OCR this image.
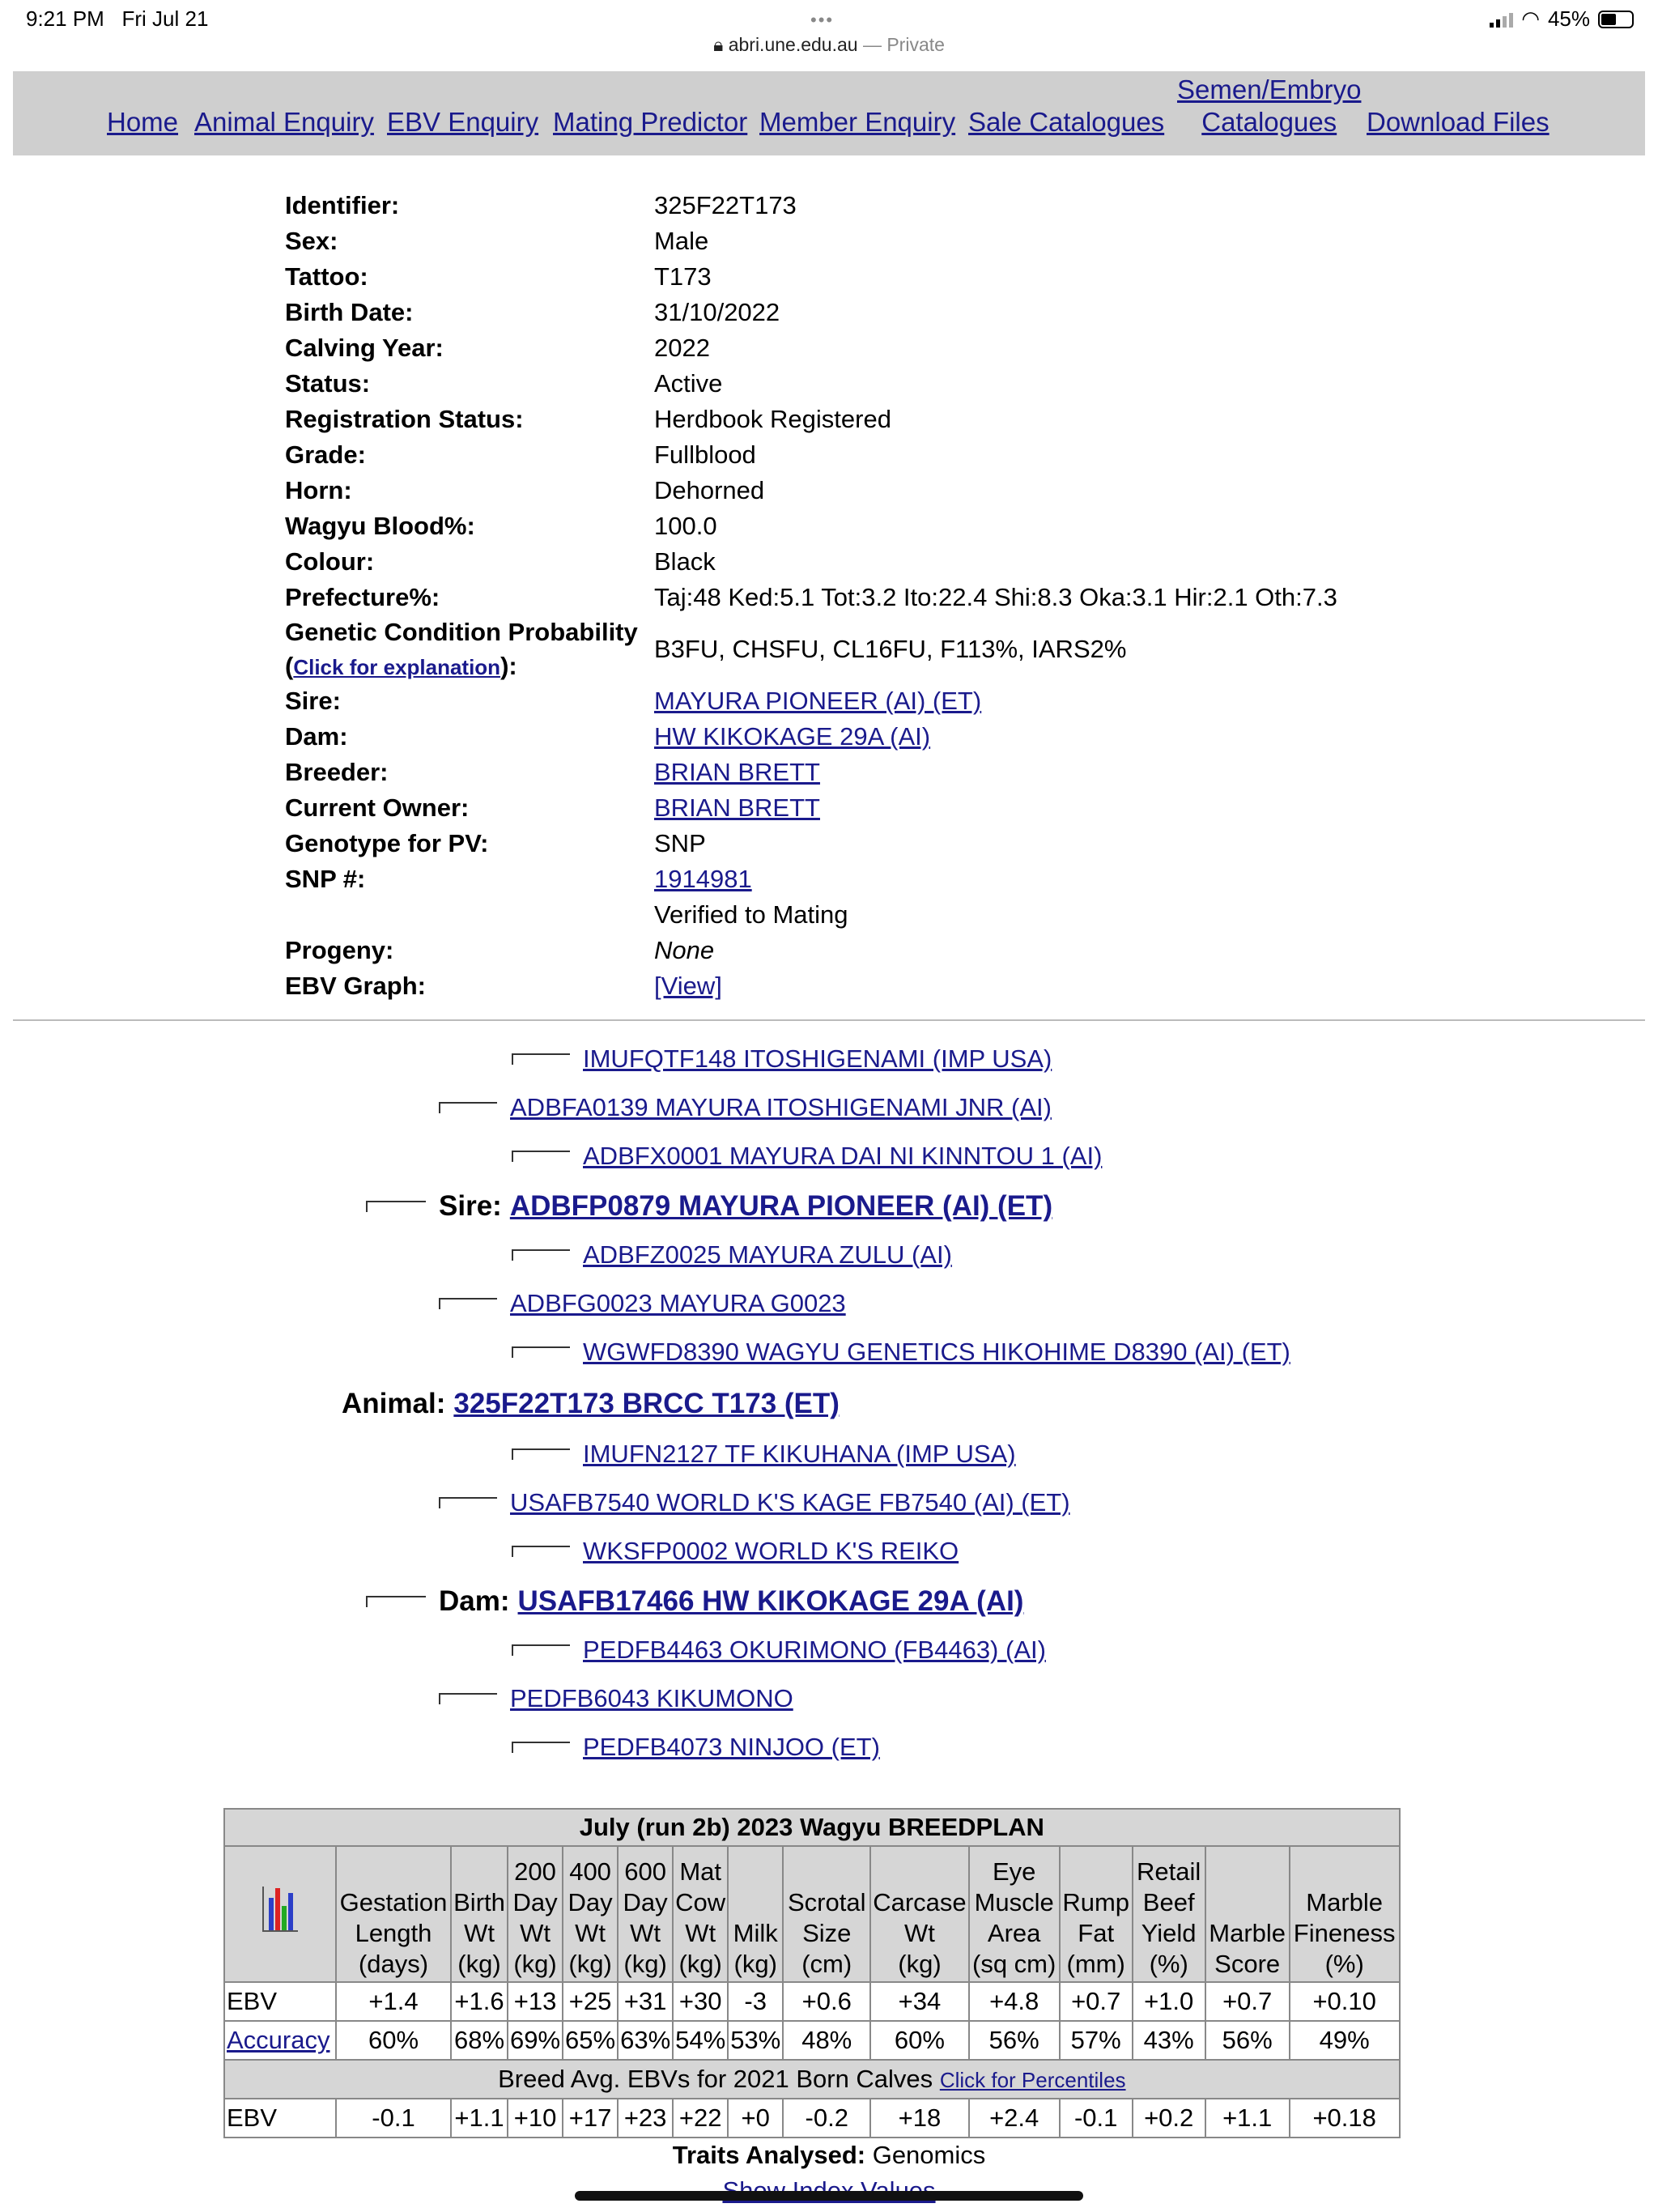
9:21 PM Fri Jul 21	•••
🔒︎ abri.une.edu.au — Private
◠ 45%
Home Animal Enquiry EBV Enquiry Mating Predictor Member Enquiry Sale Catalogues
Semen/Embryo
Catalogues	Download Files
Identifier:	325F22T173
Sex:	Male
Tattoo:	T173
Birth Date:	31/10/2022
Calving Year:	2022
Status:	Active
Registration Status:	Herdbook Registered
Grade:	Fullblood
Horn:	Dehorned
Wagyu Blood%:	100.0
Colour:	Black
Prefecture%:	Taj:48 Ked:5.1 Tot:3.2 Ito:22.4 Shi:8.3 Oka:3.1 Hir:2.1 Oth:7.3
Genetic Condition Probability
(Click for explanation):
B3FU, CHSFU, CL16FU, F113%, IARS2%
Sire:	MAYURA PIONEER (AI) (ET)
Dam:	HW KIKOKAGE 29A (AI)
Breeder:	BRIAN BRETT
Current Owner:	BRIAN BRETT
Genotype for PV:	SNP
SNP #:	1914981
Verified to Mating
Progeny:	None
EBV Graph:	[View]
IMUFQTF148 ITOSHIGENAMI (IMP USA)
ADBFA0139 MAYURA ITOSHIGENAMI JNR (AI)
ADBFX0001 MAYURA DAI NI KINNTOU 1 (AI)
Sire: ADBFP0879 MAYURA PIONEER (AI) (ET)
ADBFZ0025 MAYURA ZULU (AI)
ADBFG0023 MAYURA G0023
WGWFD8390 WAGYU GENETICS HIKOHIME D8390 (AI) (ET)
Animal: 325F22T173 BRCC T173 (ET)
IMUFN2127 TF KIKUHANA (IMP USA)
USAFB7540 WORLD K'S KAGE FB7540 (AI) (ET)
WKSFP0002 WORLD K'S REIKO
Dam: USAFB17466 HW KIKOKAGE 29A (AI)
PEDFB4463 OKURIMONO (FB4463) (AI)
PEDFB6043 KIKUMONO
PEDFB4073 NINJOO (ET)
July (run 2b) 2023 Wagyu BREEDPLAN														

	Gestation
Length
(days)	Birth
Wt
(kg)	200
Day
Wt
(kg)	400
Day
Wt
(kg)	600
Day
Wt
(kg)	Mat
Cow
Wt
(kg)	Milk
(kg)	Scrotal
Size
(cm)	Carcase
Wt
(kg)	Eye
Muscle
Area
(sq cm)	Rump
Fat
(mm)	Retail
Beef
Yield
(%)	Marble
Score	Marble
Fineness
(%)
EBV	+1.4	+1.6	+13	+25	+31	+30	-3	+0.6	+34	+4.8	+0.7	+1.0	+0.7	+0.10
Accuracy	60%	68%	69%	65%	63%	54%	53%	48%	60%	56%	57%	43%	56%	49%
Breed Avg. EBVs for 2021 Born Calves Click for Percentiles														
EBV	-0.1	+1.1	+10	+17	+23	+22	+0	-0.2	+18	+2.4	-0.1	+0.2	+1.1	+0.18
Traits Analysed: Genomics
